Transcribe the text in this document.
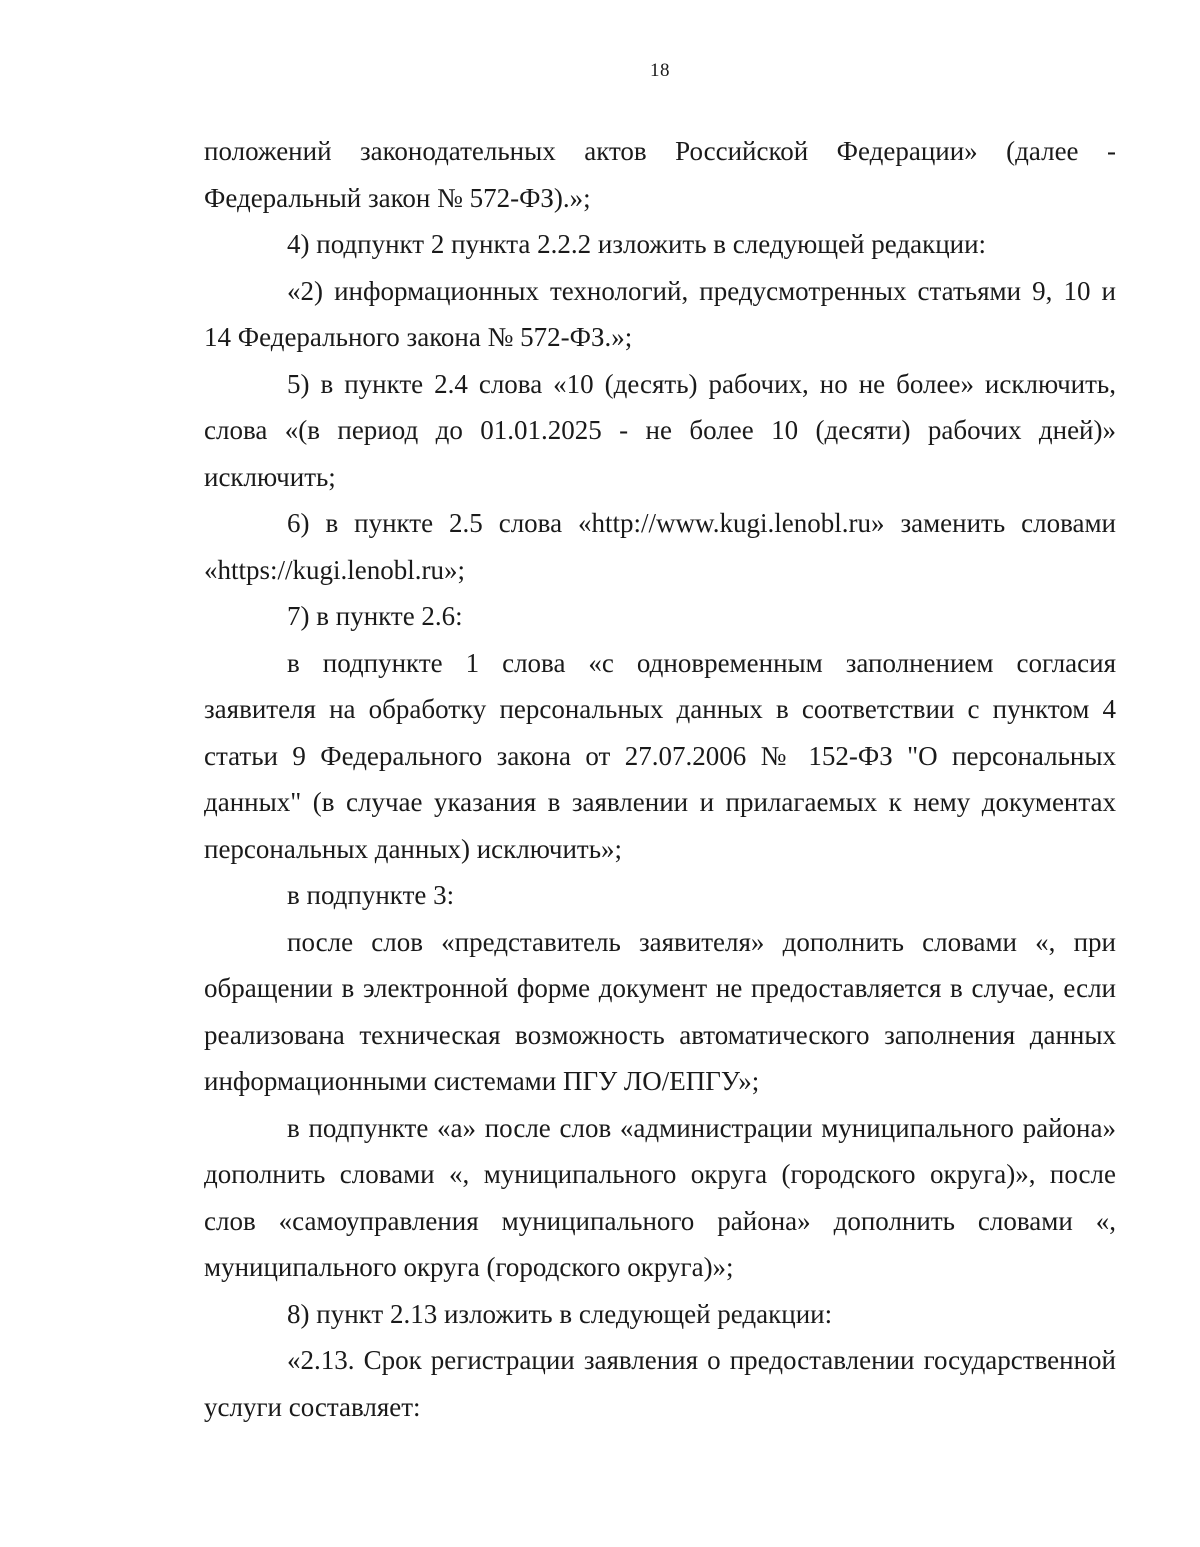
18

положений законодательных актов Российской Федерации» (далее - Федеральный закон № 572-ФЗ).»;

4) подпункт 2 пункта 2.2.2 изложить в следующей редакции:

«2) информационных технологий, предусмотренных статьями 9, 10 и 14 Федерального закона № 572-ФЗ.»;

5) в пункте 2.4 слова «10 (десять) рабочих, но не более» исключить, слова «(в период до 01.01.2025 - не более 10 (десяти) рабочих дней)» исключить;

6) в пункте 2.5 слова «http://www.kugi.lenobl.ru» заменить словами «https://kugi.lenobl.ru»;

7) в пункте 2.6:

в подпункте 1 слова «с одновременным заполнением согласия заявителя на обработку персональных данных в соответствии с пунктом 4 статьи 9 Федерального закона от 27.07.2006 № 152-ФЗ "О персональных данных" (в случае указания в заявлении и прилагаемых к нему документах персональных данных) исключить»;

в подпункте 3:

после слов «представитель заявителя» дополнить словами «, при обращении в электронной форме документ не предоставляется в случае, если реализована техническая возможность автоматического заполнения данных информационными системами ПГУ ЛО/ЕПГУ»;

в подпункте «а» после слов «администрации муниципального района» дополнить словами «, муниципального округа (городского округа)», после слов «самоуправления муниципального района» дополнить словами «, муниципального округа (городского округа)»;

8) пункт 2.13 изложить в следующей редакции:

«2.13. Срок регистрации заявления о предоставлении государственной услуги составляет:
